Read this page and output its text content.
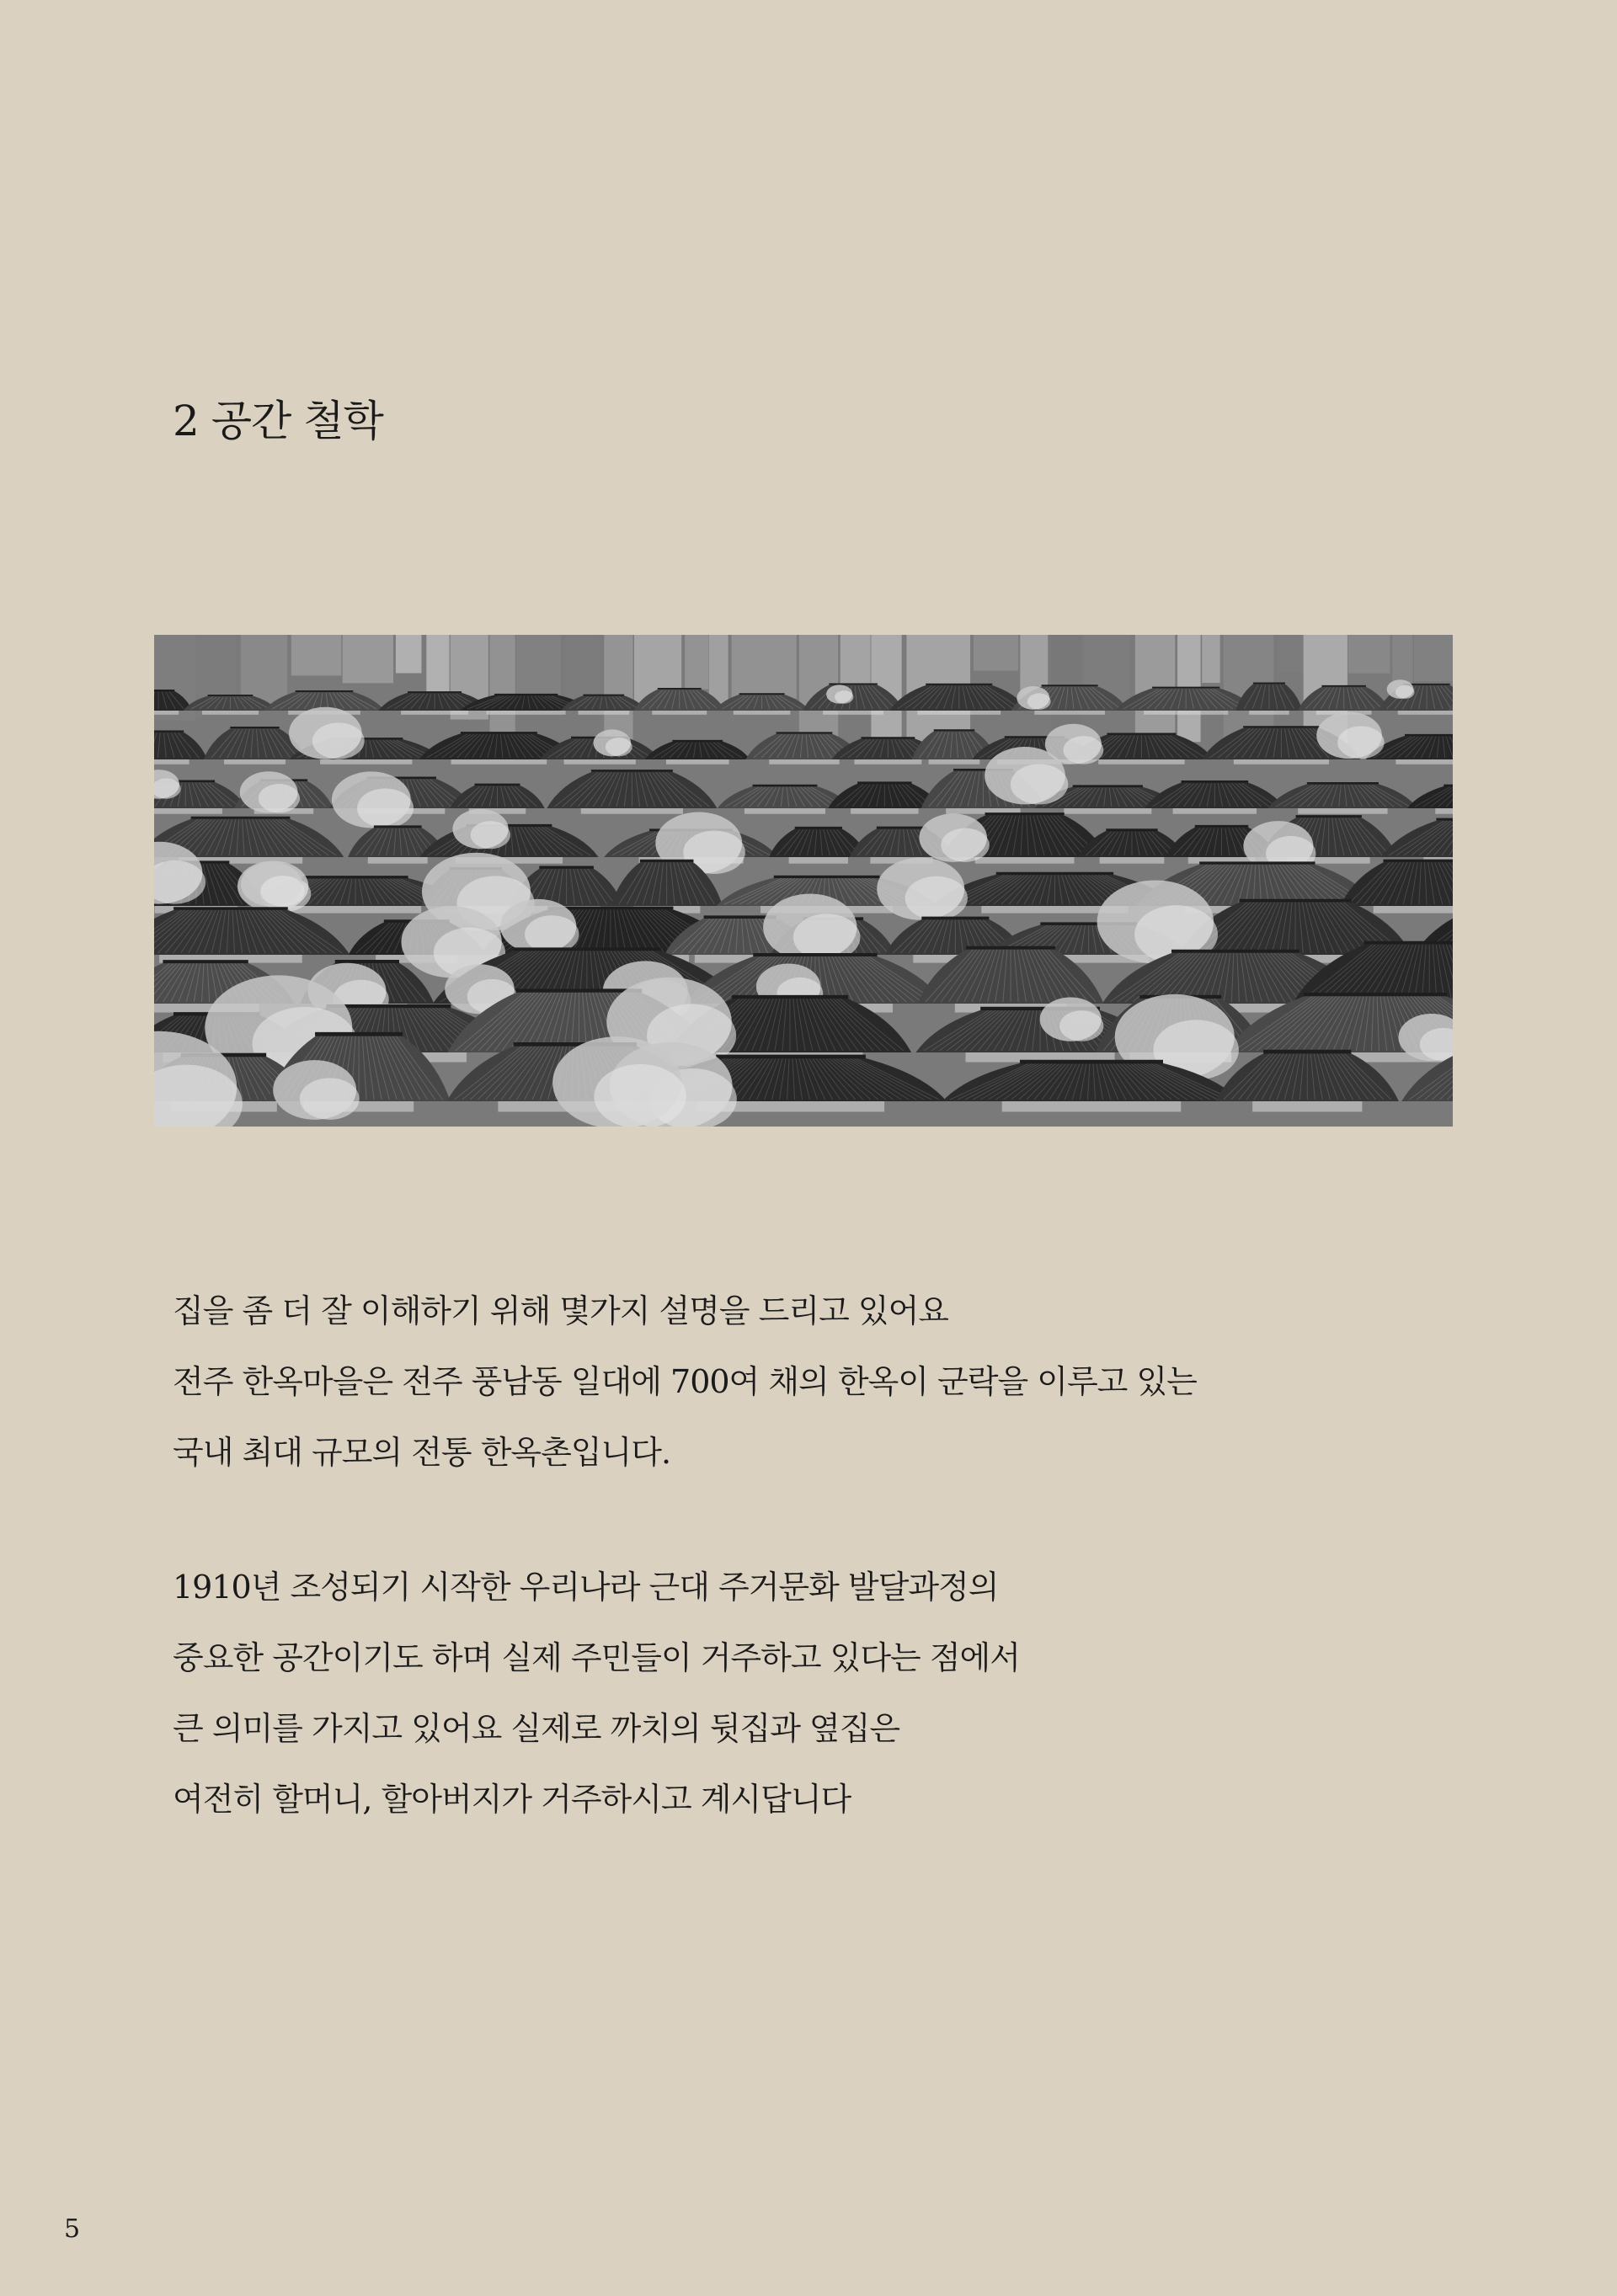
2 공간 철학

집을 좀 더 잘 이해하기 위해 몇가지 설명을 드리고 있어요

전주 한옥마을은 전주 풍남동 일대에 700여 채의 한옥이 군락을 이루고 있는

국내 최대 규모의 전통 한옥촌입니다.

1910년 조성되기 시작한 우리나라 근대 주거문화 발달과정의

중요한 공간이기도 하며 실제 주민들이 거주하고 있다는 점에서

큰 의미를 가지고 있어요 실제로 까치의 뒷집과 옆집은

여전히 할머니, 할아버지가 거주하시고 계시답니다

5
